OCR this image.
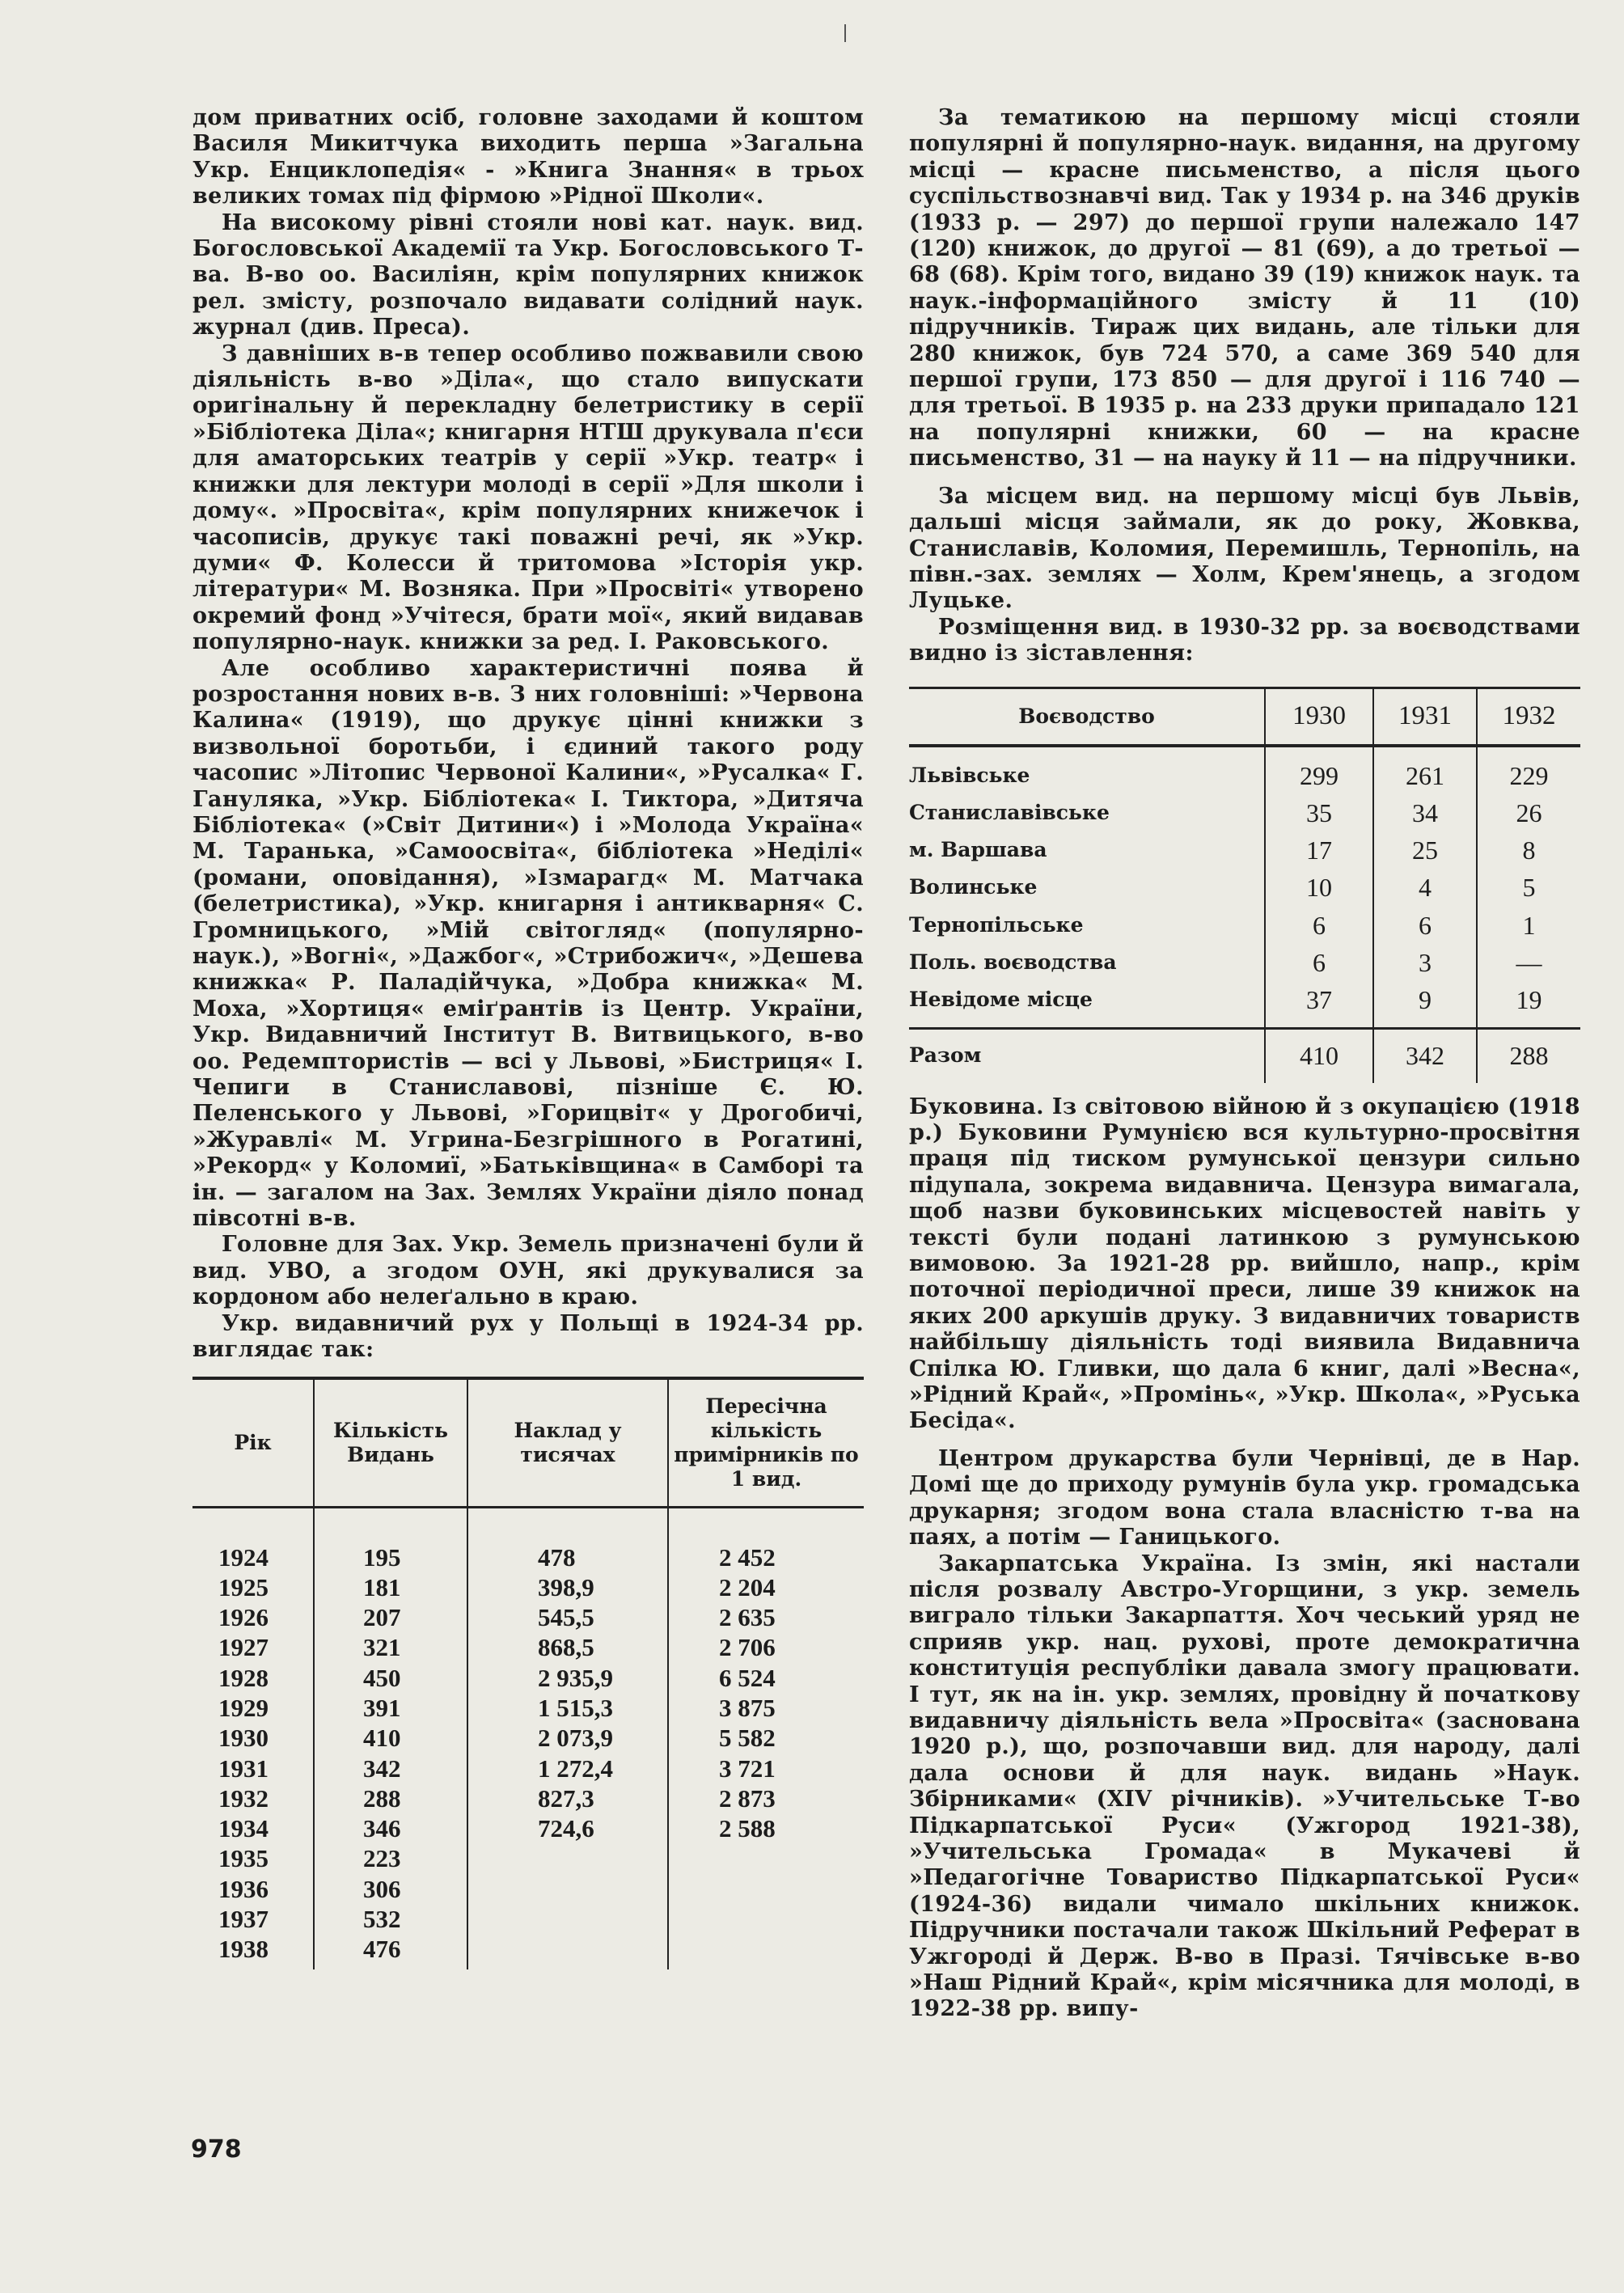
дом приватних осіб, головне заходами й коштом Василя Микитчука виходить перша »Загальна Укр. Енциклопедія« - »Книга Знання« в трьох великих томах під фірмою »Рідної Школи«.

На високому рівні стояли нові кат. наук. вид. Богословської Академії та Укр. Богословського Т-ва. В-во оо. Василіян, крім популярних книжок рел. змісту, розпочало видавати солідний наук. журнал (див. Преса).

З давніших в-в тепер особливо пожвавили свою діяльність в-во »Діла«, що стало випускати оригінальну й перекладну белетристику в серії »Бібліотека Діла«; книгарня НТШ друкувала п'єси для аматорських театрів у серії »Укр. театр« і книжки для лектури молоді в серії »Для школи і дому«. »Просвіта«, крім популярних книжечок і часописів, друкує такі поважні речі, як »Укр. думи« Ф. Колесси й тритомова »Історія укр. літератури« М. Возняка. При »Просвіті« утворено окремий фонд »Учітеся, брати мої«, який видавав популярно-наук. книжки за ред. І. Раковського.

Але особливо характеристичні поява й розростання нових в-в. З них головніші: »Червона Калина« (1919), що друкує цінні книжки з визвольної боротьби, і єдиний такого роду часопис »Літопис Червоної Калини«, »Русалка« Г. Ганулякa, »Укр. Бібліотека« І. Тиктора, »Дитяча Бібліотека« (»Світ Дитини«) і »Молода Україна« М. Таранька, »Самоосвіта«, бібліотека »Неділі« (романи, оповідання), »Ізмарагд« М. Матчака (белетристика), »Укр. книгарня і антикварня« С. Громницького, »Мій світогляд« (популярно-наук.), »Вогні«, »Дажбог«, »Стрибожич«, »Дешева книжка« Р. Паладійчука, »Добра книжка« М. Моха, »Хортиця« еміґрантів із Центр. України, Укр. Видавничий Інститут В. Витвицького, в-во оо. Редемптористів — всі у Львові, »Бистриця« І. Чепиги в Станиславові, пізніше Є. Ю. Пеленського у Львові, »Горицвіт« у Дрогобичі, »Журавлі« М. Угрина-Безгрішного в Рогатині, »Рекорд« у Коломиї, »Батьківщина« в Самборі та ін. — загалом на Зах. Землях України діяло понад півсотні в-в.

Головне для Зах. Укр. Земель призначені були й вид. УВО, а згодом ОУН, які друкувалися за кордоном або нелеґально в краю.

Укр. видавничий рух у Польщі в 1924-34 рр. виглядає так:

Рік	Кількість Видань	Наклад у тисячах	Пересічна кількість примірників по 1 вид.
1924	195	478	2 452
1925	181	398,9	2 204
1926	207	545,5	2 635
1927	321	868,5	2 706
1928	450	2 935,9	6 524
1929	391	1 515,3	3 875
1930	410	2 073,9	5 582
1931	342	1 272,4	3 721
1932	288	827,3	2 873
1934	346	724,6	2 588
1935	223		
1936	306		
1937	532		
1938	476		

За тематикою на першому місці стояли популярні й популярно-наук. видання, на другому місці — красне письменство, а після цього суспільствознавчі вид. Так у 1934 р. на 346 друків (1933 р. — 297) до першої групи належало 147 (120) книжок, до другої — 81 (69), а до третьої — 68 (68). Крім того, видано 39 (19) книжок наук. та наук.-інформаційного змісту й 11 (10) підручників. Тираж цих видань, але тільки для 280 книжок, був 724 570, а саме 369 540 для першої групи, 173 850 — для другої і 116 740 — для третьої. В 1935 р. на 233 друки припадало 121 на популярні книжки, 60 — на красне письменство, 31 — на науку й 11 — на підручники.

За місцем вид. на першому місці був Львів, дальші місця займали, як до року, Жовква, Станиславів, Коломия, Перемишль, Тернопіль, на півн.-зах. землях — Холм, Крем'янець, а згодом Луцьке.

Розміщення вид. в 1930-32 рр. за воєводствами видно із зіставлення:

Воєводство	1930	1931	1932
Львівське	299	261	229
Станиславівське	35	34	26
м. Варшава	17	25	8
Волинське	10	4	5
Тернопільське	6	6	1
Поль. воєводства	6	3	—
Невідоме місце	37	9	19
Разом	410	342	288

Буковина. Із світовою війною й з окупацією (1918 р.) Буковини Румунією вся культурно-просвітня праця під тиском румунської цензури сильно підупала, зокрема видавнича. Цензура вимагала, щоб назви буковинських місцевостей навіть у тексті були подані латинкою з румунською вимовою. За 1921-28 рр. вийшло, напр., крім поточної періодичної преси, лише 39 книжок на яких 200 аркушів друку. З видавничих товариств найбільшу діяльність тоді виявила Видавнича Спілка Ю. Гливки, що дала 6 книг, далі »Весна«, »Рідний Край«, »Промінь«, »Укр. Школа«, »Руська Бесіда«.

Центром друкарства були Чернівці, де в Нар. Домі ще до приходу румунів була укр. громадська друкарня; згодом вона стала власністю т-ва на паях, а потім — Ганицького.

Закарпатська Україна. Із змін, які настали після розвалу Австро-Угорщини, з укр. земель виграло тільки Закарпаття. Хоч чеський уряд не сприяв укр. нац. рухові, проте демократична конституція республіки давала змогу працювати. І тут, як на ін. укр. землях, провідну й початкову видавничу діяльність вела »Просвіта« (заснована 1920 р.), що, розпочавши вид. для народу, далі дала основи й для наук. видань »Наук. Збірниками« (XIV річників). »Учительське Т-во Підкарпатської Руси« (Ужгород 1921-38), »Учительська Громада« в Мукачеві й »Педагогічне Товариство Підкарпатської Руси« (1924-36) видали чимало шкільних книжок. Підручники постачали також Шкільний Реферат в Ужгороді й Держ. В-во в Празі. Тячівське в-во »Наш Рідний Край«, крім місячника для молоді, в 1922-38 рр. випу-

978
